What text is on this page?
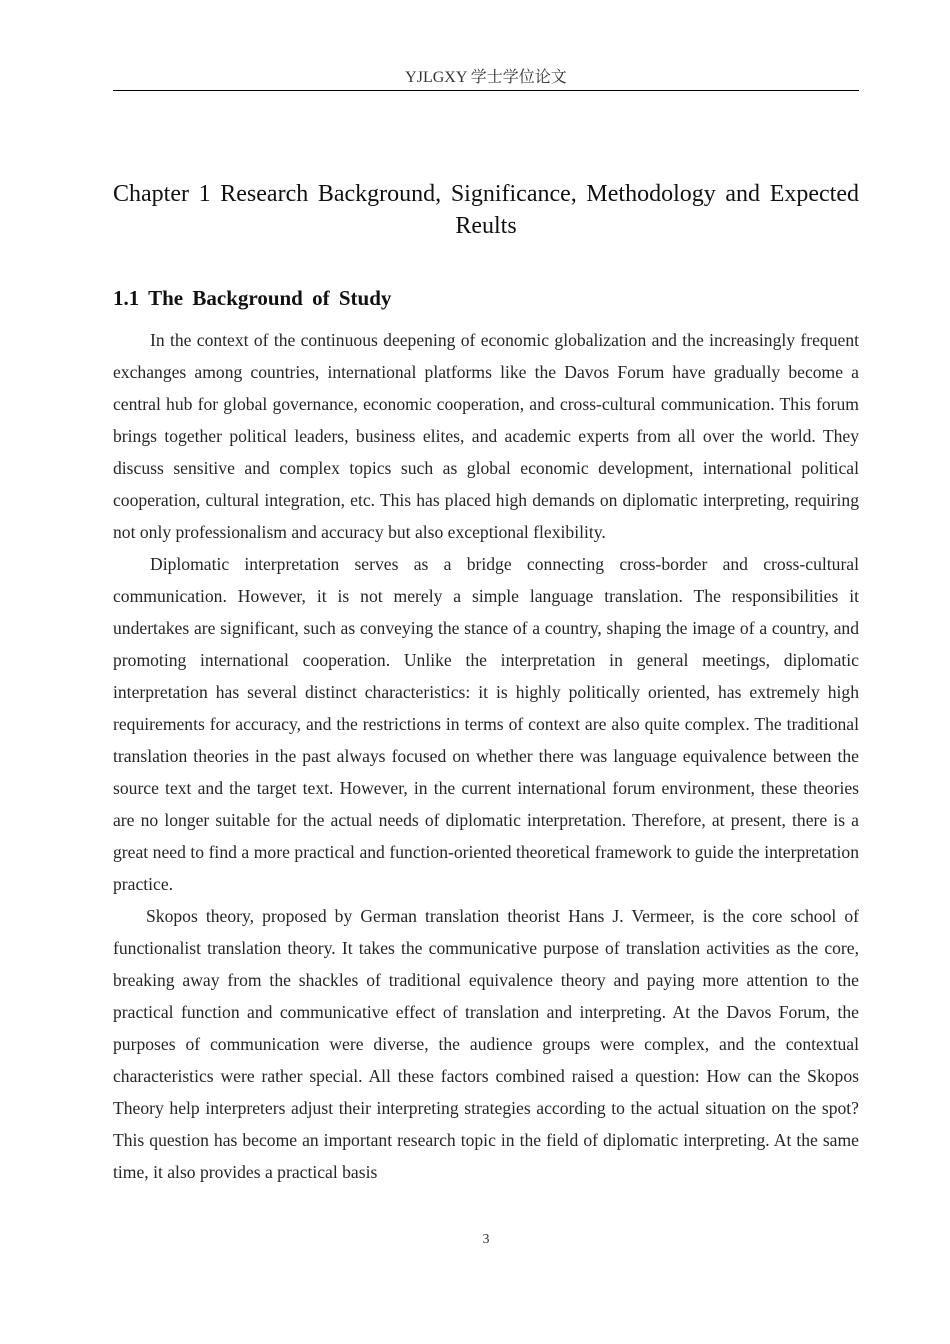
YJLGXY 学士学位论文
Chapter 1 Research Background, Significance, Methodology and Expected Reults
1.1 The Background of Study

In the context of the continuous deepening of economic globalization and the increasingly frequent exchanges among countries, international platforms like the Davos Forum have gradually become a central hub for global governance, economic cooperation, and cross-cultural communication. This forum brings together political leaders, business elites, and academic experts from all over the world. They discuss sensitive and complex topics such as global economic development, international political cooperation, cultural integration, etc. This has placed high demands on diplomatic interpreting, requiring not only professionalism and accuracy but also exceptional flexibility.

Diplomatic interpretation serves as a bridge connecting cross-border and cross-cultural communication. However, it is not merely a simple language translation. The responsibilities it undertakes are significant, such as conveying the stance of a country, shaping the image of a country, and promoting international cooperation. Unlike the interpretation in general meetings, diplomatic interpretation has several distinct characteristics: it is highly politically oriented, has extremely high requirements for accuracy, and the restrictions in terms of context are also quite complex. The traditional translation theories in the past always focused on whether there was language equivalence between the source text and the target text. However, in the current international forum environment, these theories are no longer suitable for the actual needs of diplomatic interpretation. Therefore, at present, there is a great need to find a more practical and function-oriented theoretical framework to guide the interpretation practice.

Skopos theory, proposed by German translation theorist Hans J. Vermeer, is the core school of functionalist translation theory. It takes the communicative purpose of translation activities as the core, breaking away from the shackles of traditional equivalence theory and paying more attention to the practical function and communicative effect of translation and interpreting. At the Davos Forum, the purposes of communication were diverse, the audience groups were complex, and the contextual characteristics were rather special. All these factors combined raised a question: How can the Skopos Theory help interpreters adjust their interpreting strategies according to the actual situation on the spot? This question has become an important research topic in the field of diplomatic interpreting. At the same time, it also provides a practical basis

3
